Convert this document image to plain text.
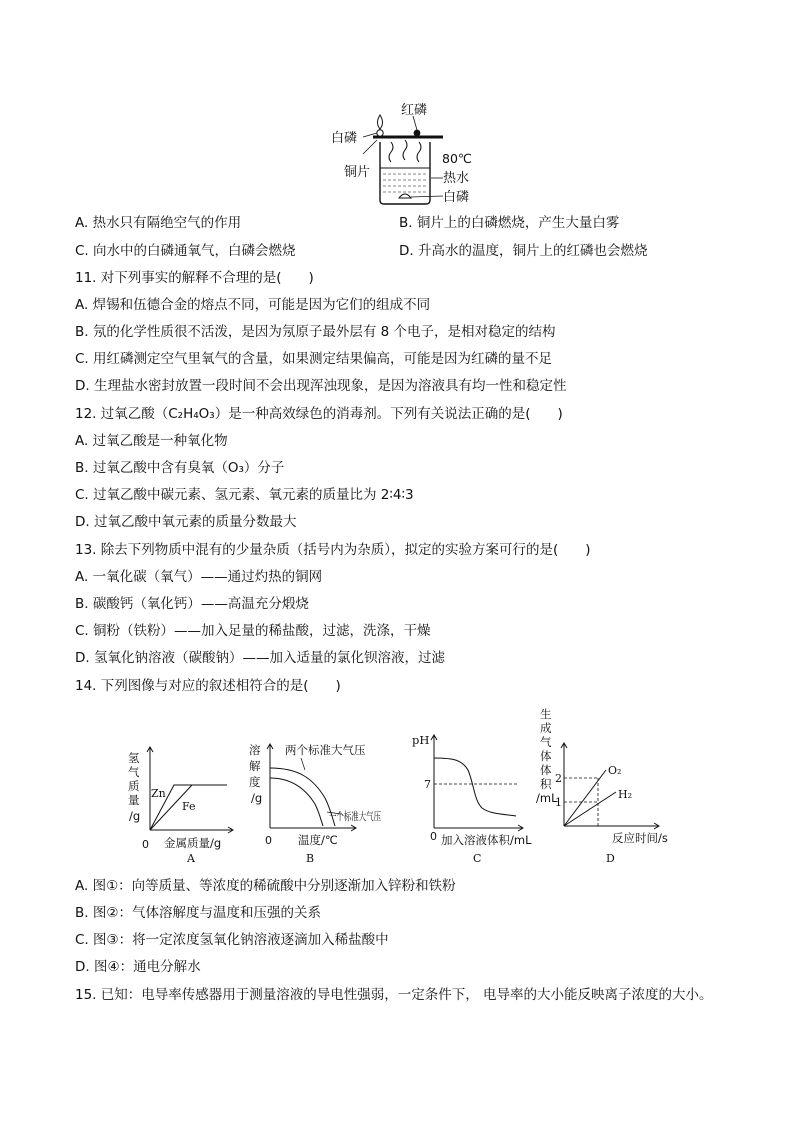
红磷
白磷
铜片
80℃
热水
白磷
A. 热水只有隔绝空气的作用	B. 铜片上的白磷燃烧，产生大量白雾
C. 向水中的白磷通氧气，白磷会燃烧	D. 升高水的温度，铜片上的红磷也会燃烧
11. 对下列事实的解释不合理的是(　　)
A. 焊锡和伍德合金的熔点不同，可能是因为它们的组成不同
B. 氖的化学性质很不活泼，是因为氖原子最外层有 8 个电子，是相对稳定的结构
C. 用红磷测定空气里氧气的含量，如果测定结果偏高，可能是因为红磷的量不足
D. 生理盐水密封放置一段时间不会出现浑浊现象，是因为溶液具有均一性和稳定性
12. 过氧乙酸（C₂H₄O₃）是一种高效绿色的消毒剂。下列有关说法正确的是(　　)
A. 过氧乙酸是一种氧化物
B. 过氧乙酸中含有臭氧（O₃）分子
C. 过氧乙酸中碳元素、氢元素、氧元素的质量比为 2∶4∶3
D. 过氧乙酸中氧元素的质量分数最大
13. 除去下列物质中混有的少量杂质（括号内为杂质），拟定的实验方案可行的是(　　)
A. 一氧化碳（氧气）——通过灼热的铜网
B. 碳酸钙（氧化钙）——高温充分煅烧
C. 铜粉（铁粉）——加入足量的稀盐酸，过滤，洗涤，干燥
D. 氢氧化钠溶液（碳酸钠）——加入适量的氯化钡溶液，过滤
14. 下列图像与对应的叙述相符合的是(　　)
氢
气
质
量
/g
Zn
Fe
0 金属质量/g
A
溶
解
度
/g
两个标准大气压
一个标准大气压
0 温度/℃
B
pH
7
0 加入溶液体积/mL
C
生
成
气
体
体
积
/mL
2
1
O₂
H₂
反应时间/s
D
A. 图①：向等质量、等浓度的稀硫酸中分别逐渐加入锌粉和铁粉
B. 图②：气体溶解度与温度和压强的关系
C. 图③：将一定浓度氢氧化钠溶液逐滴加入稀盐酸中
D. 图④：通电分解水
15. 已知：电导率传感器用于测量溶液的导电性强弱，一定条件下， 电导率的大小能反映离子浓度的大小。
